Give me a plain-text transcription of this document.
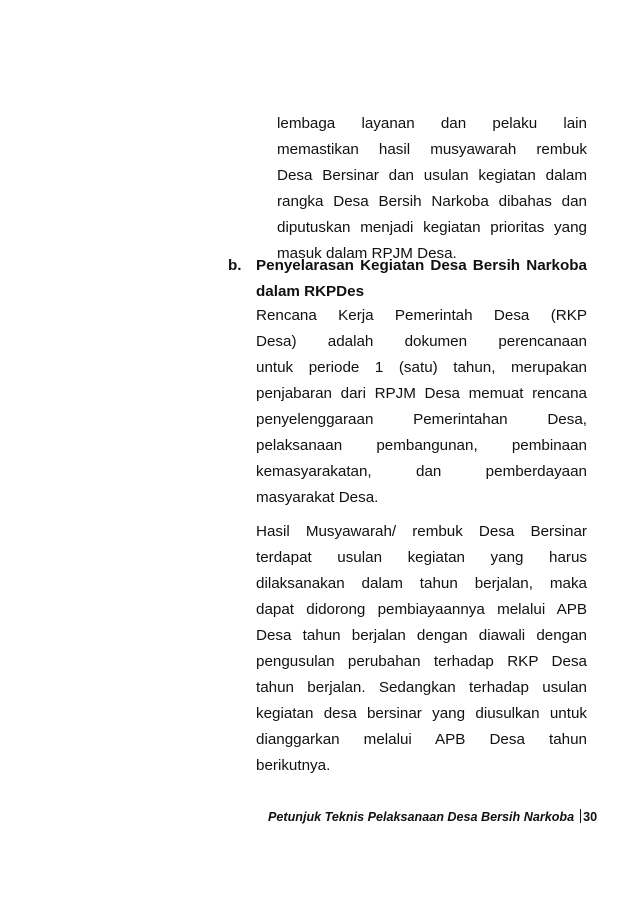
lembaga layanan dan pelaku lain
memastikan hasil musyawarah rembuk
Desa Bersinar dan usulan kegiatan dalam
rangka Desa Bersih Narkoba dibahas dan
diputuskan menjadi kegiatan prioritas yang
masuk dalam RPJM Desa.
b. Penyelarasan Kegiatan Desa Bersih Narkoba
dalam RKPDes
Rencana Kerja Pemerintah Desa (RKP
Desa) adalah dokumen perencanaan
untuk periode 1 (satu) tahun, merupakan
penjabaran dari RPJM Desa memuat rencana
penyelenggaraan Pemerintahan Desa,
pelaksanaan pembangunan, pembinaan
kemasyarakatan, dan pemberdayaan
masyarakat Desa.
Hasil Musyawarah/ rembuk Desa Bersinar
terdapat usulan kegiatan yang harus
dilaksanakan dalam tahun berjalan, maka
dapat didorong pembiayaannya melalui APB
Desa tahun berjalan dengan diawali dengan
pengusulan perubahan terhadap RKP Desa
tahun berjalan. Sedangkan terhadap usulan
kegiatan desa bersinar yang diusulkan untuk
dianggarkan melalui APB Desa tahun
berikutnya.
Petunjuk Teknis Pelaksanaan Desa Bersih Narkoba 30
